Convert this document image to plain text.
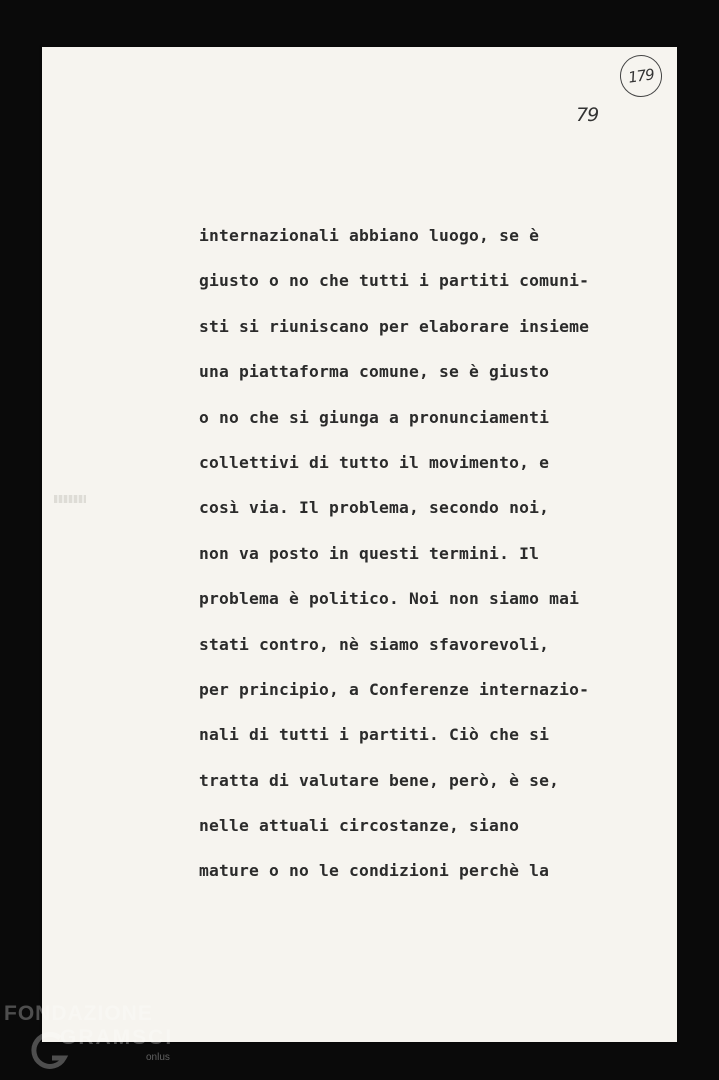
179
79
internazionali abbiano luogo, se è
giusto o no che tutti i partiti comuni-
sti si riuniscano per elaborare insieme
una piattaforma comune, se è giusto
o no che si giunga a pronunciamenti
collettivi di tutto il movimento, e
così via. Il problema, secondo noi,
non va posto in questi termini. Il
problema è politico. Noi non siamo mai
stati contro, nè siamo sfavorevoli,
per principio, a Conferenze internazio-
nali di tutti i partiti. Ciò che si
tratta di valutare bene, però, è se,
nelle attuali circostanze, siano
mature o no le condizioni perchè la
FONDAZIONE
GRAMSCI
onlus
